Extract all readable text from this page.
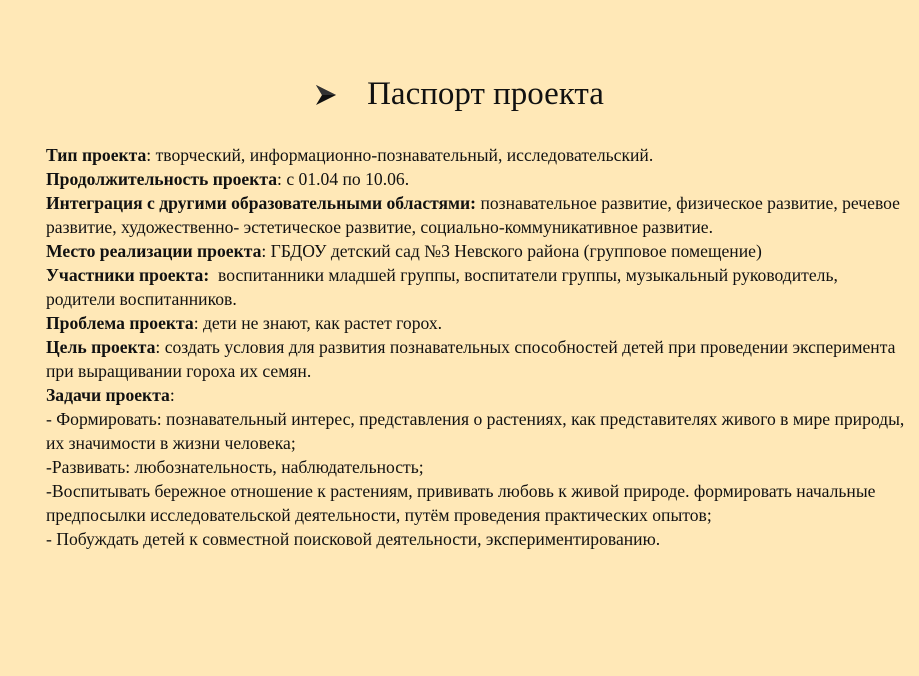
Паспорт проекта

Тип проекта: творческий, информационно-познавательный, исследовательский.

Продолжительность проекта: с 01.04 по 10.06.

Интеграция с другими образовательными областями: познавательное развитие, физическое развитие, речевое развитие, художественно- эстетическое развитие, социально-коммуникативное развитие.

Место реализации проекта: ГБДОУ детский сад №3 Невского района (групповое помещение)

Участники проекта: воспитанники младшей группы, воспитатели группы, музыкальный руководитель, родители воспитанников.

Проблема проекта: дети не знают, как растет горох.

Цель проекта: создать условия для развития познавательных способностей детей при проведении эксперимента при выращивании гороха их семян.

Задачи проекта:

- Формировать: познавательный интерес, представления о растениях, как представителях живого в мире природы, их значимости в жизни человека;

-Развивать: любознательность, наблюдательность;

-Воспитывать бережное отношение к растениям, прививать любовь к живой природе. формировать начальные предпосылки исследовательской деятельности, путём проведения практических опытов;

- Побуждать детей к совместной поисковой деятельности, экспериментированию.
